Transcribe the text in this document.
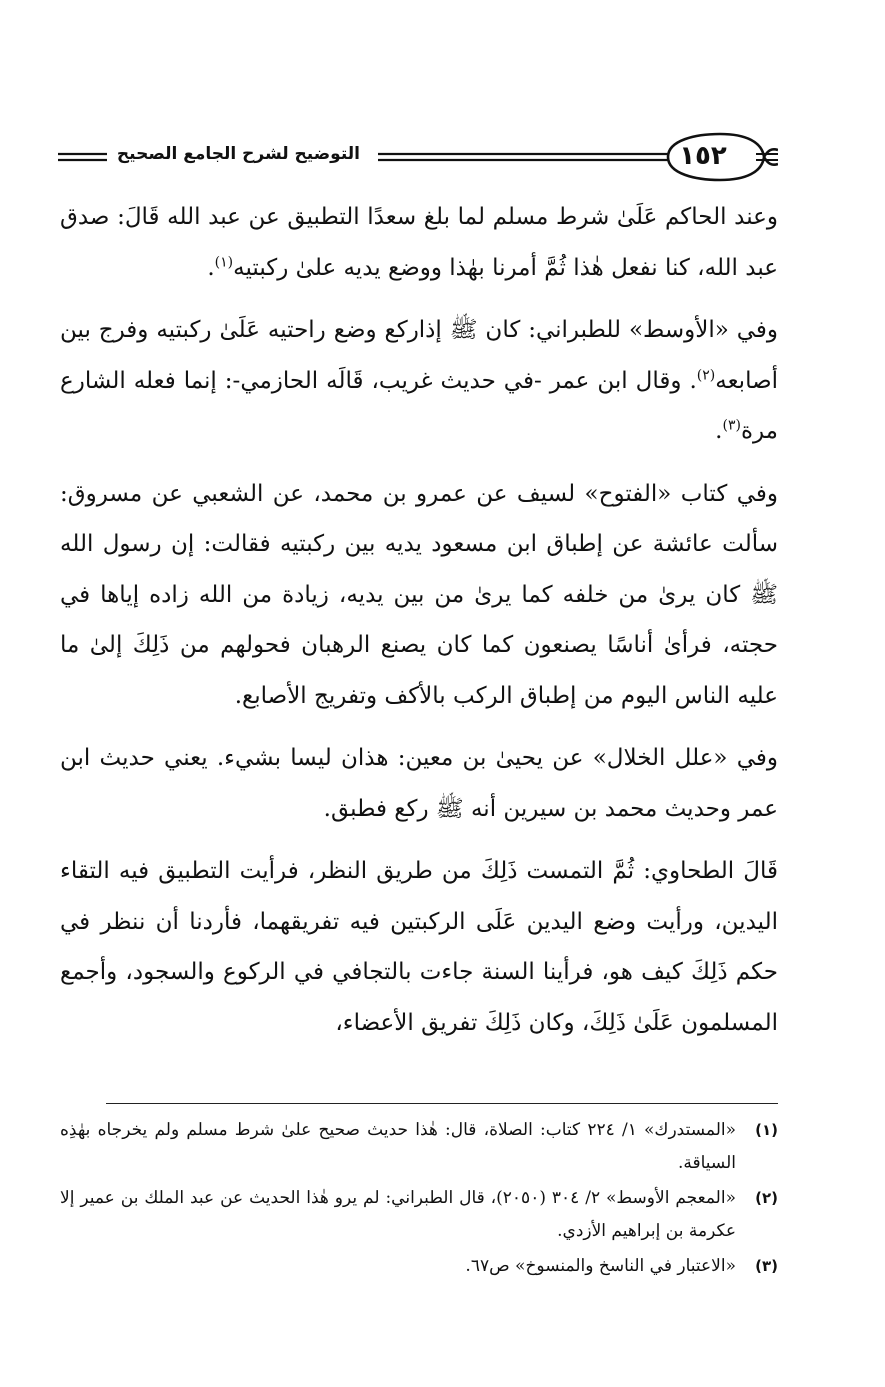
١٥٢
التوضيح لشرح الجامع الصحيح

وعند الحاكم عَلَىٰ شرط مسلم لما بلغ سعدًا التطبيق عن عبد الله قَالَ: صدق عبد الله، كنا نفعل هٰذا ثُمَّ أمرنا بهٰذا ووضع يديه علىٰ ركبتيه$^{(١)}$.

وفي «الأوسط» للطبراني: كان ﷺ إذاركع وضع راحتيه عَلَىٰ ركبتيه وفرج بين أصابعه$^{(٢)}$. وقال ابن عمر -في حديث غريب، قَالَه الحازمي-: إنما فعله الشارع مرة$^{(٣)}$.

وفي كتاب «الفتوح» لسيف عن عمرو بن محمد، عن الشعبي عن مسروق: سألت عائشة عن إطباق ابن مسعود يديه بين ركبتيه فقالت: إن رسول الله ﷺ كان يرىٰ من خلفه كما يرىٰ من بين يديه، زيادة من الله زاده إياها في حجته، فرأىٰ أناسًا يصنعون كما كان يصنع الرهبان فحولهم من ذَلِكَ إلىٰ ما عليه الناس اليوم من إطباق الركب بالأكف وتفريج الأصابع.

وفي «علل الخلال» عن يحيىٰ بن معين: هذان ليسا بشيء. يعني حديث ابن عمر وحديث محمد بن سيرين أنه ﷺ ركع فطبق.

قَالَ الطحاوي: ثُمَّ التمست ذَلِكَ من طريق النظر، فرأيت التطبيق فيه التقاء اليدين، ورأيت وضع اليدين عَلَى الركبتين فيه تفريقهما، فأردنا أن ننظر في حكم ذَلِكَ كيف هو، فرأينا السنة جاءت بالتجافي في الركوع والسجود، وأجمع المسلمون عَلَىٰ ذَلِكَ، وكان ذَلِكَ تفريق الأعضاء،

(١)
«المستدرك» ١/ ٢٢٤ كتاب: الصلاة، قال: هٰذا حديث صحيح علىٰ شرط مسلم ولم يخرجاه بهٰذِه السياقة.
(٢)
«المعجم الأوسط» ٢/ ٣٠٤ (٢٠٥٠)، قال الطبراني: لم يرو هٰذا الحديث عن عبد الملك بن عمير إلا عكرمة بن إبراهيم الأزدي.
(٣)
«الاعتبار في الناسخ والمنسوخ» ص٦٧.
